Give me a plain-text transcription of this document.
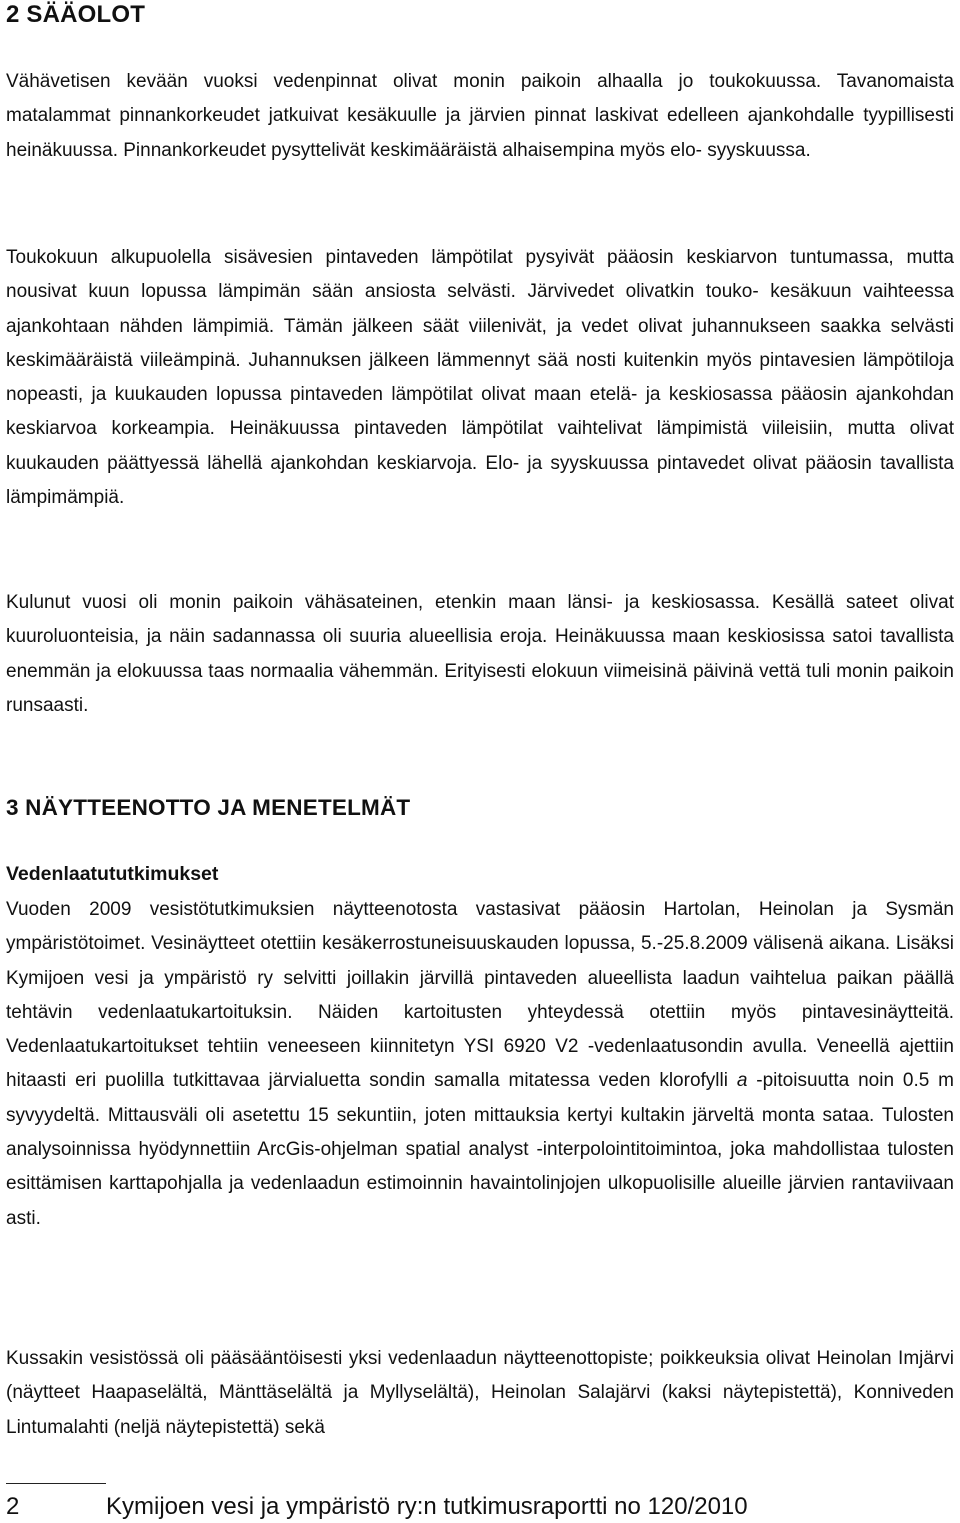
2 SÄÄOLOT

Vähävetisen kevään vuoksi vedenpinnat olivat monin paikoin alhaalla jo toukokuussa. Tavanomaista matalammat pinnankorkeudet jatkuivat kesäkuulle ja järvien pinnat laskivat edelleen ajankohdalle tyypillisesti heinäkuussa. Pinnankorkeudet pysyttelivät keskimääräistä alhaisempina myös elo- syyskuussa.

Toukokuun alkupuolella sisävesien pintaveden lämpötilat pysyivät pääosin keskiarvon tuntumassa, mutta nousivat kuun lopussa lämpimän sään ansiosta selvästi. Järvivedet olivatkin touko- kesäkuun vaihteessa ajankohtaan nähden lämpimiä. Tämän jälkeen säät viilenivät, ja vedet olivat juhannukseen saakka selvästi keskimääräistä viileämpinä. Juhannuksen jälkeen lämmennyt sää nosti kuitenkin myös pintavesien lämpötiloja nopeasti, ja kuukauden lopussa pintaveden lämpötilat olivat maan etelä- ja keskiosassa pääosin ajankohdan keskiarvoa korkeampia. Heinäkuussa pintaveden lämpötilat vaihtelivat lämpimistä viileisiin, mutta olivat kuukauden päättyessä lähellä ajankohdan keskiarvoja. Elo- ja syyskuussa pintavedet olivat pääosin tavallista lämpimämpiä.

Kulunut vuosi oli monin paikoin vähäsateinen, etenkin maan länsi- ja keskiosassa. Kesällä sateet olivat kuuroluonteisia, ja näin sadannassa oli suuria alueellisia eroja. Heinäkuussa maan keskiosissa satoi tavallista enemmän ja elokuussa taas normaalia vähemmän. Erityisesti elokuun viimeisinä päivinä vettä tuli monin paikoin runsaasti.

3 NÄYTTEENOTTO JA MENETELMÄT
Vedenlaatututkimukset

Vuoden 2009 vesistötutkimuksien näytteenotosta vastasivat pääosin Hartolan, Heinolan ja Sysmän ympäristötoimet. Vesinäytteet otettiin kesäkerrostuneisuuskauden lopussa, 5.-25.8.2009 välisenä aikana. Lisäksi Kymijoen vesi ja ympäristö ry selvitti joillakin järvillä pintaveden alueellista laadun vaihtelua paikan päällä tehtävin vedenlaatukartoituksin. Näiden kartoitusten yhteydessä otettiin myös pintavesinäytteitä. Vedenlaatukartoitukset tehtiin veneeseen kiinnitetyn YSI 6920 V2 -vedenlaatusondin avulla. Veneellä ajettiin hitaasti eri puolilla tutkittavaa järvialuetta sondin samalla mitatessa veden klorofylli a -pitoisuutta noin 0.5 m syvyydeltä. Mittausväli oli asetettu 15 sekuntiin, joten mittauksia kertyi kultakin järveltä monta sataa. Tulosten analysoinnissa hyödynnettiin ArcGis-ohjelman spatial analyst -interpolointitoimintoa, joka mahdollistaa tulosten esittämisen karttapohjalla ja vedenlaadun estimoinnin havaintolinjojen ulkopuolisille alueille järvien rantaviivaan asti.

Kussakin vesistössä oli pääsääntöisesti yksi vedenlaadun näytteenottopiste; poikkeuksia olivat Heinolan Imjärvi (näytteet Haapaselältä, Mänttäselältä ja Myllyselältä), Heinolan Salajärvi (kaksi näytepistettä), Konniveden Lintumalahti (neljä näytepistettä) sekä

2	Kymijoen vesi ja ympäristö ry:n tutkimusraportti no 120/2010
